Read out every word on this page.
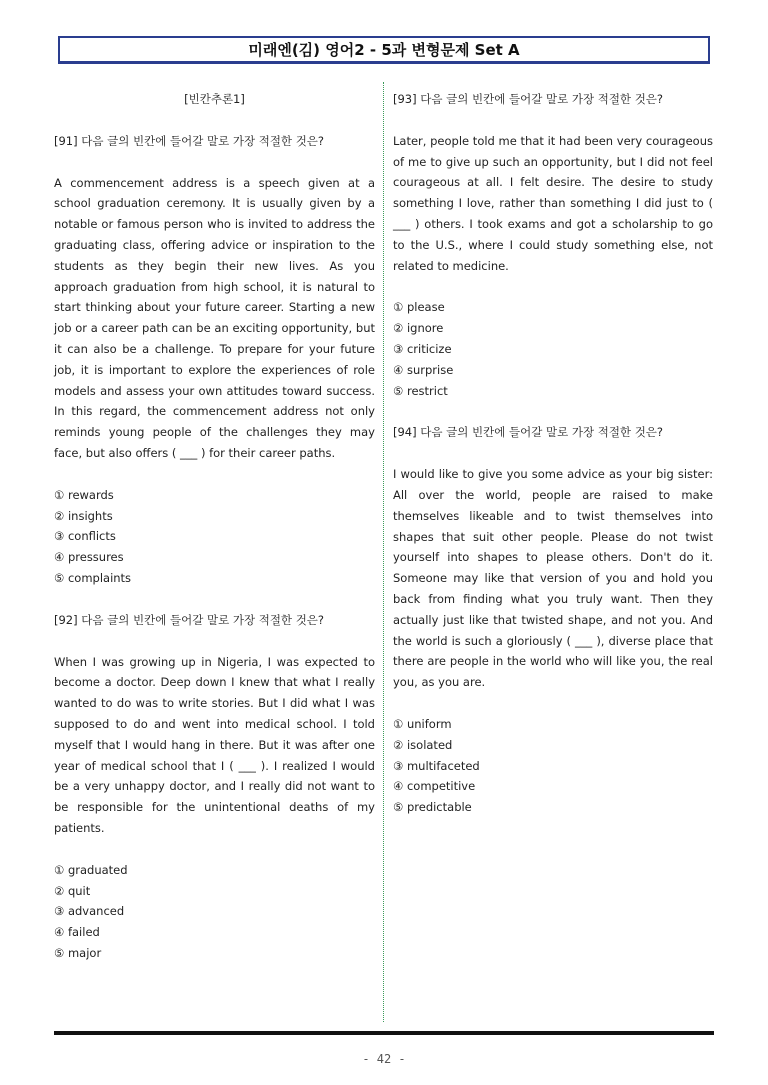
미래엔(김) 영어2 - 5과 변형문제 Set A

[빈칸추론1]

[91] 다음 글의 빈칸에 들어갈 말로 가장 적절한 것은?

A commencement address is a speech given at a school graduation ceremony. It is usually given by a notable or famous person who is invited to address the graduating class, offering advice or inspiration to the students as they begin their new lives. As you approach graduation from high school, it is natural to start thinking about your future career. Starting a new job or a career path can be an exciting opportunity, but it can also be a challenge. To prepare for your future job, it is important to explore the experiences of role models and assess your own attitudes toward success. In this regard, the commencement address not only reminds young people of the challenges they may face, but also offers ( ___ ) for their career paths.

① rewards
② insights
③ conflicts
④ pressures
⑤ complaints

[92] 다음 글의 빈칸에 들어갈 말로 가장 적절한 것은?

When I was growing up in Nigeria, I was expected to become a doctor. Deep down I knew that what I really wanted to do was to write stories. But I did what I was supposed to do and went into medical school. I told myself that I would hang in there. But it was after one year of medical school that I ( ___ ). I realized I would be a very unhappy doctor, and I really did not want to be responsible for the unintentional deaths of my patients.

① graduated
② quit
③ advanced
④ failed
⑤ major

[93] 다음 글의 빈칸에 들어갈 말로 가장 적절한 것은?

Later, people told me that it had been very courageous of me to give up such an opportunity, but I did not feel courageous at all. I felt desire. The desire to study something I love, rather than something I did just to ( ___ ) others. I took exams and got a scholarship to go to the U.S., where I could study something else, not related to medicine.

① please
② ignore
③ criticize
④ surprise
⑤ restrict

[94] 다음 글의 빈칸에 들어갈 말로 가장 적절한 것은?

I would like to give you some advice as your big sister: All over the world, people are raised to make themselves likeable and to twist themselves into shapes that suit other people. Please do not twist yourself into shapes to please others. Don't do it. Someone may like that version of you and hold you back from finding what you truly want. Then they actually just like that twisted shape, and not you. And the world is such a gloriously ( ___ ), diverse place that there are people in the world who will like you, the real you, as you are.

① uniform
② isolated
③ multifaceted
④ competitive
⑤ predictable
- 42 -
